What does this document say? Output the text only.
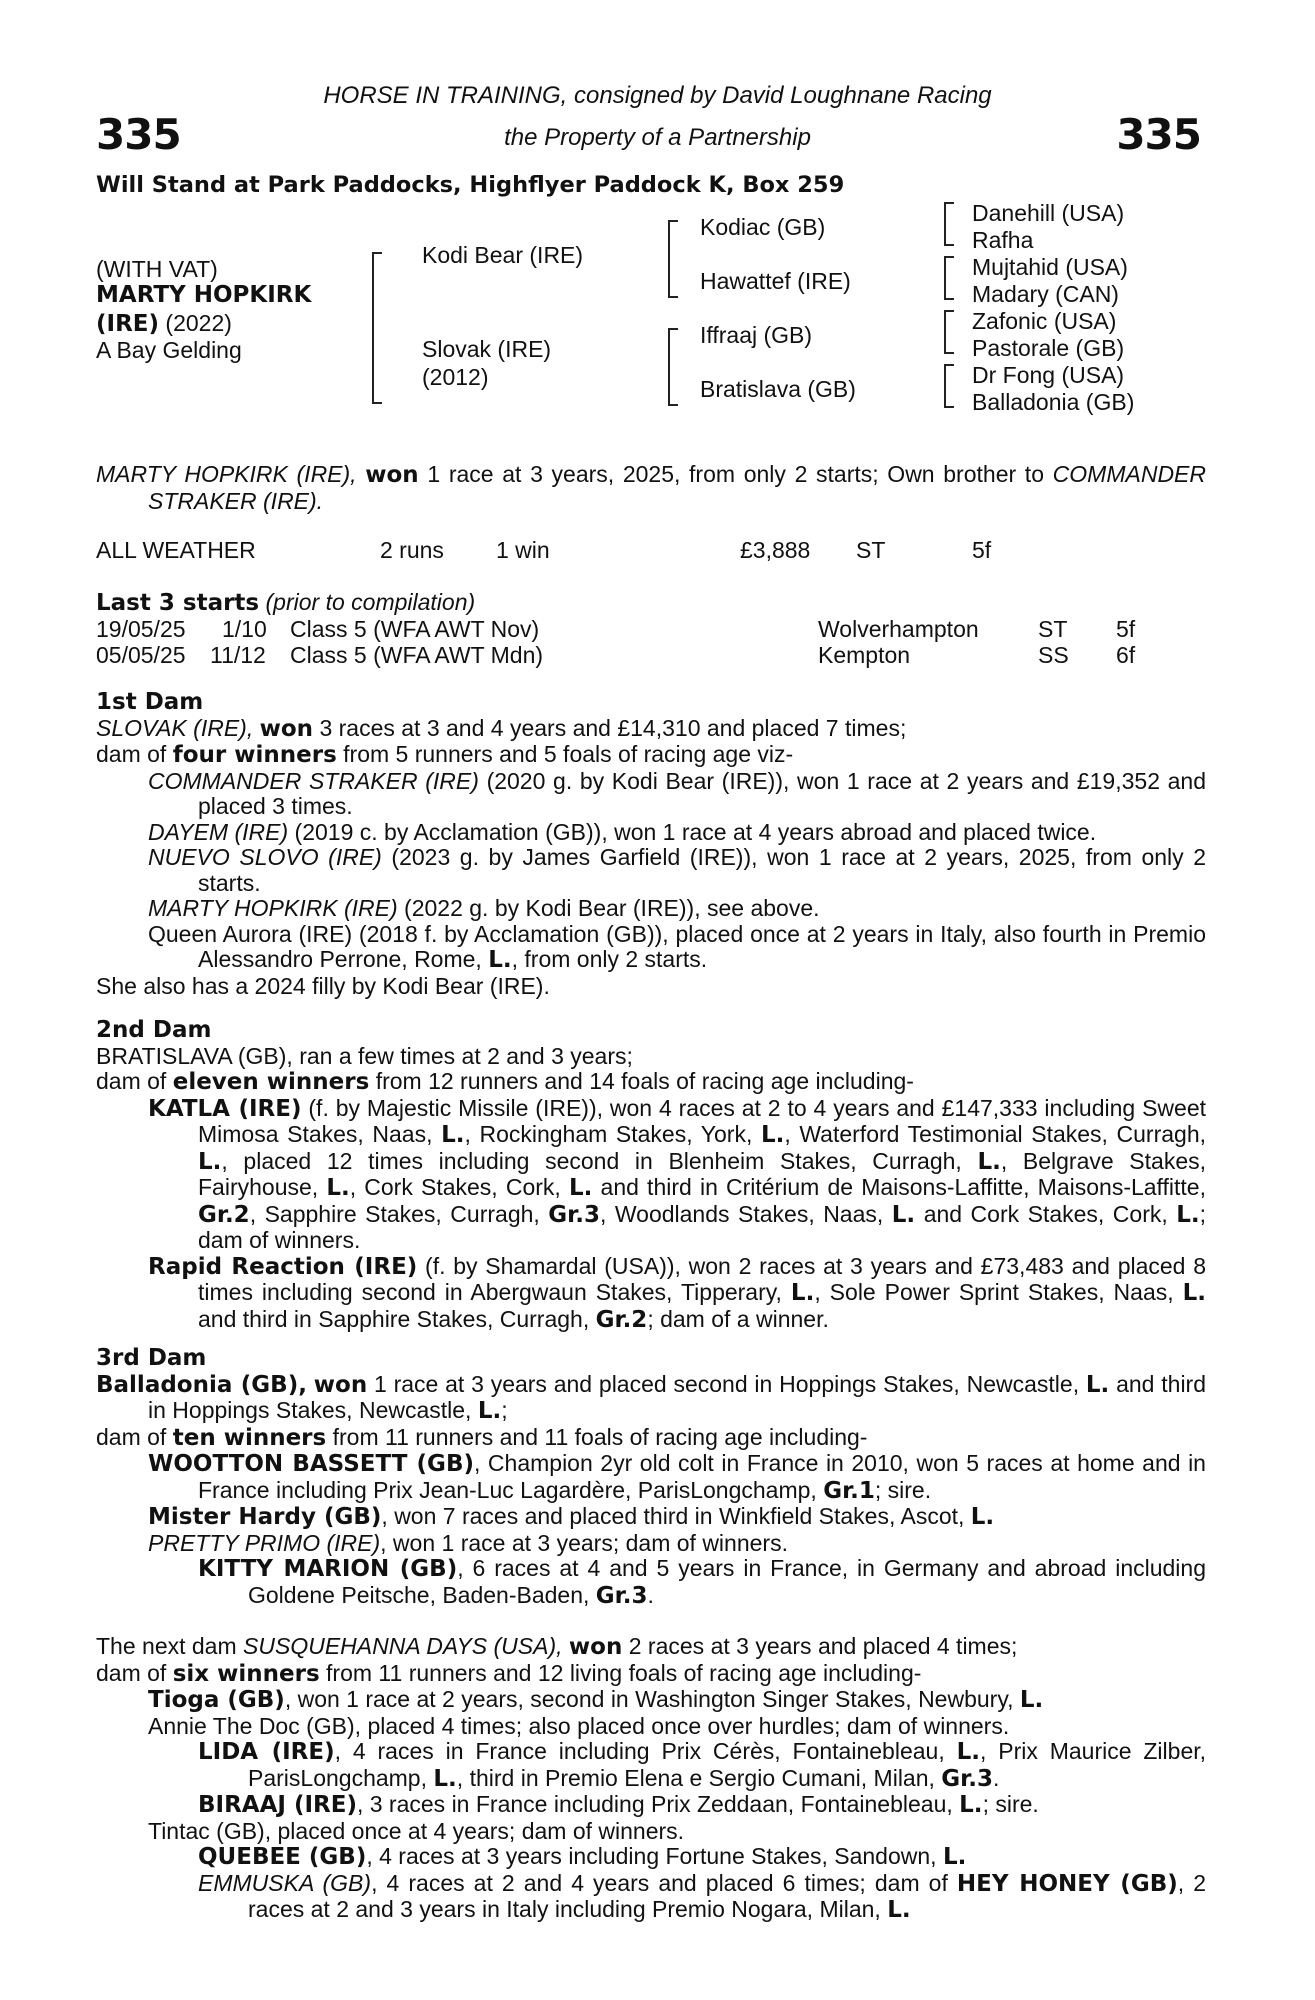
335	335
HORSE IN TRAINING, consigned by David Loughnane Racing
the Property of a Partnership
Will Stand at Park Paddocks, Highflyer Paddock K, Box 259
(WITH VAT)
MARTY HOPKIRK
(IRE) (2022)
A Bay Gelding
Kodi Bear (IRE)
Slovak (IRE)
(2012)
Kodiac (GB)
Hawattef (IRE)
Iffraaj (GB)
Bratislava (GB)
Danehill (USA)
Rafha
Mujtahid (USA)
Madary (CAN)
Zafonic (USA)
Pastorale (GB)
Dr Fong (USA)
Balladonia (GB)
MARTY HOPKIRK (IRE), won 1 race at 3 years, 2025, from only 2 starts; Own brother to COMMANDER STRAKER (IRE).
ALL WEATHER	2 runs 1 win	£3,888 ST	5f
Last 3 starts (prior to compilation)
19/05/25 1/10 Class 5 (WFA AWT Nov)	Wolverhampton	ST 5f
05/05/25 11/12 Class 5 (WFA AWT Mdn)	Kempton	SS 6f
1st Dam
SLOVAK (IRE), won 3 races at 3 and 4 years and £14,310 and placed 7 times;
dam of four winners from 5 runners and 5 foals of racing age viz-
COMMANDER STRAKER (IRE) (2020 g. by Kodi Bear (IRE)), won 1 race at 2 years and £19,352 and placed 3 times.
DAYEM (IRE) (2019 c. by Acclamation (GB)), won 1 race at 4 years abroad and placed twice.
NUEVO SLOVO (IRE) (2023 g. by James Garfield (IRE)), won 1 race at 2 years, 2025, from only 2 starts.
MARTY HOPKIRK (IRE) (2022 g. by Kodi Bear (IRE)), see above.
Queen Aurora (IRE) (2018 f. by Acclamation (GB)), placed once at 2 years in Italy, also fourth in Premio Alessandro Perrone, Rome, L., from only 2 starts.
She also has a 2024 filly by Kodi Bear (IRE).
2nd Dam
BRATISLAVA (GB), ran a few times at 2 and 3 years;
dam of eleven winners from 12 runners and 14 foals of racing age including-
KATLA (IRE) (f. by Majestic Missile (IRE)), won 4 races at 2 to 4 years and £147,333 including Sweet Mimosa Stakes, Naas, L., Rockingham Stakes, York, L., Waterford Testimonial Stakes, Curragh, L., placed 12 times including second in Blenheim Stakes, Curragh, L., Belgrave Stakes, Fairyhouse, L., Cork Stakes, Cork, L. and third in Critérium de Maisons-Laffitte, Maisons-Laffitte, Gr.2, Sapphire Stakes, Curragh, Gr.3, Woodlands Stakes, Naas, L. and Cork Stakes, Cork, L.; dam of winners.
Rapid Reaction (IRE) (f. by Shamardal (USA)), won 2 races at 3 years and £73,483 and placed 8 times including second in Abergwaun Stakes, Tipperary, L., Sole Power Sprint Stakes, Naas, L. and third in Sapphire Stakes, Curragh, Gr.2; dam of a winner.
3rd Dam
Balladonia (GB), won 1 race at 3 years and placed second in Hoppings Stakes, Newcastle, L. and third in Hoppings Stakes, Newcastle, L.;
dam of ten winners from 11 runners and 11 foals of racing age including-
WOOTTON BASSETT (GB), Champion 2yr old colt in France in 2010, won 5 races at home and in France including Prix Jean-Luc Lagardère, ParisLongchamp, Gr.1; sire.
Mister Hardy (GB), won 7 races and placed third in Winkfield Stakes, Ascot, L.
PRETTY PRIMO (IRE), won 1 race at 3 years; dam of winners.
KITTY MARION (GB), 6 races at 4 and 5 years in France, in Germany and abroad including Goldene Peitsche, Baden-Baden, Gr.3.
The next dam SUSQUEHANNA DAYS (USA), won 2 races at 3 years and placed 4 times;
dam of six winners from 11 runners and 12 living foals of racing age including-
Tioga (GB), won 1 race at 2 years, second in Washington Singer Stakes, Newbury, L.
Annie The Doc (GB), placed 4 times; also placed once over hurdles; dam of winners.
LIDA (IRE), 4 races in France including Prix Cérès, Fontainebleau, L., Prix Maurice Zilber, ParisLongchamp, L., third in Premio Elena e Sergio Cumani, Milan, Gr.3.
BIRAAJ (IRE), 3 races in France including Prix Zeddaan, Fontainebleau, L.; sire.
Tintac (GB), placed once at 4 years; dam of winners.
QUEBEE (GB), 4 races at 3 years including Fortune Stakes, Sandown, L.
EMMUSKA (GB), 4 races at 2 and 4 years and placed 6 times; dam of HEY HONEY (GB), 2 races at 2 and 3 years in Italy including Premio Nogara, Milan, L.
